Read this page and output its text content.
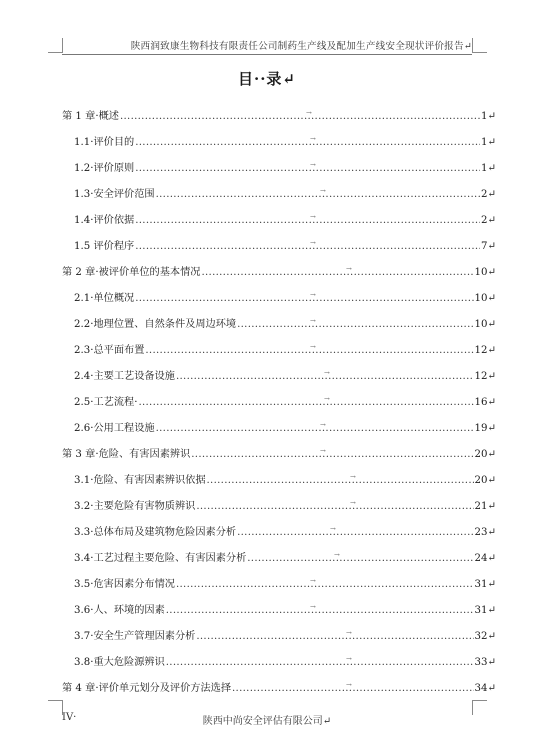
陕西润致康生物科技有限责任公司制药生产线及配加生产线安全现状评价报告↵
目··录↵
第 1 章·概述 .....	1↵
→
1.1·评价目的 .....	1↵
→
1.2·评价原则 .....	1↵
→
1.3·安全评价范围 .....	2↵
→
1.4·评价依据 .....	2↵
→
1.5 评价程序 .....	7↵
→
第 2 章·被评价单位的基本情况 .....	10↵
→
2.1·单位概况 .....	10↵
→
2.2·地理位置、自然条件及周边环境 .....	10↵
→
2.3·总平面布置 .....	12↵
→
2.4·主要工艺设备设施 .....	12↵
→
2.5·工艺流程· .....	16↵
→
2.6·公用工程设施 .....	19↵
→
第 3 章·危险、有害因素辨识 .....	20↵
→
3.1·危险、有害因素辨识依据 .....	20↵
→
3.2·主要危险有害物质辨识 .....	21↵
→
3.3·总体布局及建筑物危险因素分析 .....	23↵
→
3.4·工艺过程主要危险、有害因素分析 .....	24↵
→
3.5·危害因素分布情况 .....	31↵
→
3.6·人、环境的因素 .....	31↵
→
3.7·安全生产管理因素分析 .....	32↵
→
3.8·重大危险源辨识 .....	33↵
→
第 4 章·评价单元划分及评价方法选择 .....	34↵
→
IV·	陕西中尚安全评估有限公司↵
